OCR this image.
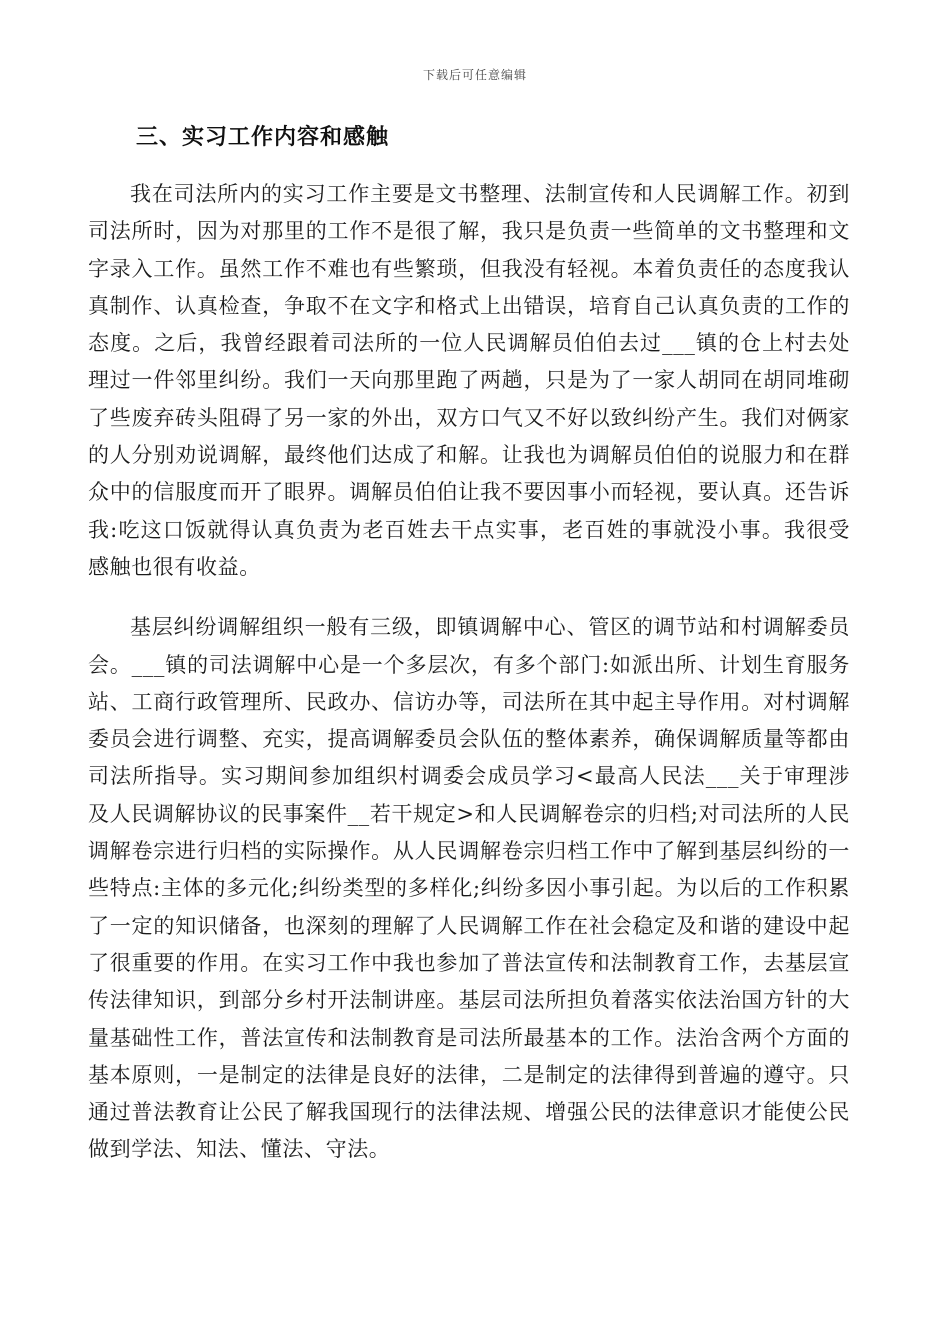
下载后可任意编辑
三、实习工作内容和感触

我在司法所内的实习工作主要是文书整理、法制宣传和人民调解工作。初到司法所时，因为对那里的工作不是很了解，我只是负责一些简单的文书整理和文字录入工作。虽然工作不难也有些繁琐，但我没有轻视。本着负责任的态度我认真制作、认真检查，争取不在文字和格式上出错误，培育自己认真负责的工作的态度。之后，我曾经跟着司法所的一位人民调解员伯伯去过___镇的仓上村去处理过一件邻里纠纷。我们一天向那里跑了两趟，只是为了一家人胡同在胡同堆砌了些废弃砖头阻碍了另一家的外出，双方口气又不好以致纠纷产生。我们对俩家的人分别劝说调解，最终他们达成了和解。让我也为调解员伯伯的说服力和在群众中的信服度而开了眼界。调解员伯伯让我不要因事小而轻视，要认真。还告诉我:吃这口饭就得认真负责为老百姓去干点实事，老百姓的事就没小事。我很受感触也很有收益。

基层纠纷调解组织一般有三级，即镇调解中心、管区的调节站和村调解委员会。___镇的司法调解中心是一个多层次，有多个部门:如派出所、计划生育服务站、工商行政管理所、民政办、信访办等，司法所在其中起主导作用。对村调解委员会进行调整、充实，提高调解委员会队伍的整体素养，确保调解质量等都由司法所指导。实习期间参加组织村调委会成员学习<最高人民法___关于审理涉及人民调解协议的民事案件__若干规定>和人民调解卷宗的归档;对司法所的人民调解卷宗进行归档的实际操作。从人民调解卷宗归档工作中了解到基层纠纷的一些特点:主体的多元化;纠纷类型的多样化;纠纷多因小事引起。为以后的工作积累了一定的知识储备，也深刻的理解了人民调解工作在社会稳定及和谐的建设中起了很重要的作用。在实习工作中我也参加了普法宣传和法制教育工作，去基层宣传法律知识，到部分乡村开法制讲座。基层司法所担负着落实依法治国方针的大量基础性工作，普法宣传和法制教育是司法所最基本的工作。法治含两个方面的基本原则，一是制定的法律是良好的法律，二是制定的法律得到普遍的遵守。只通过普法教育让公民了解我国现行的法律法规、增强公民的法律意识才能使公民做到学法、知法、懂法、守法。
